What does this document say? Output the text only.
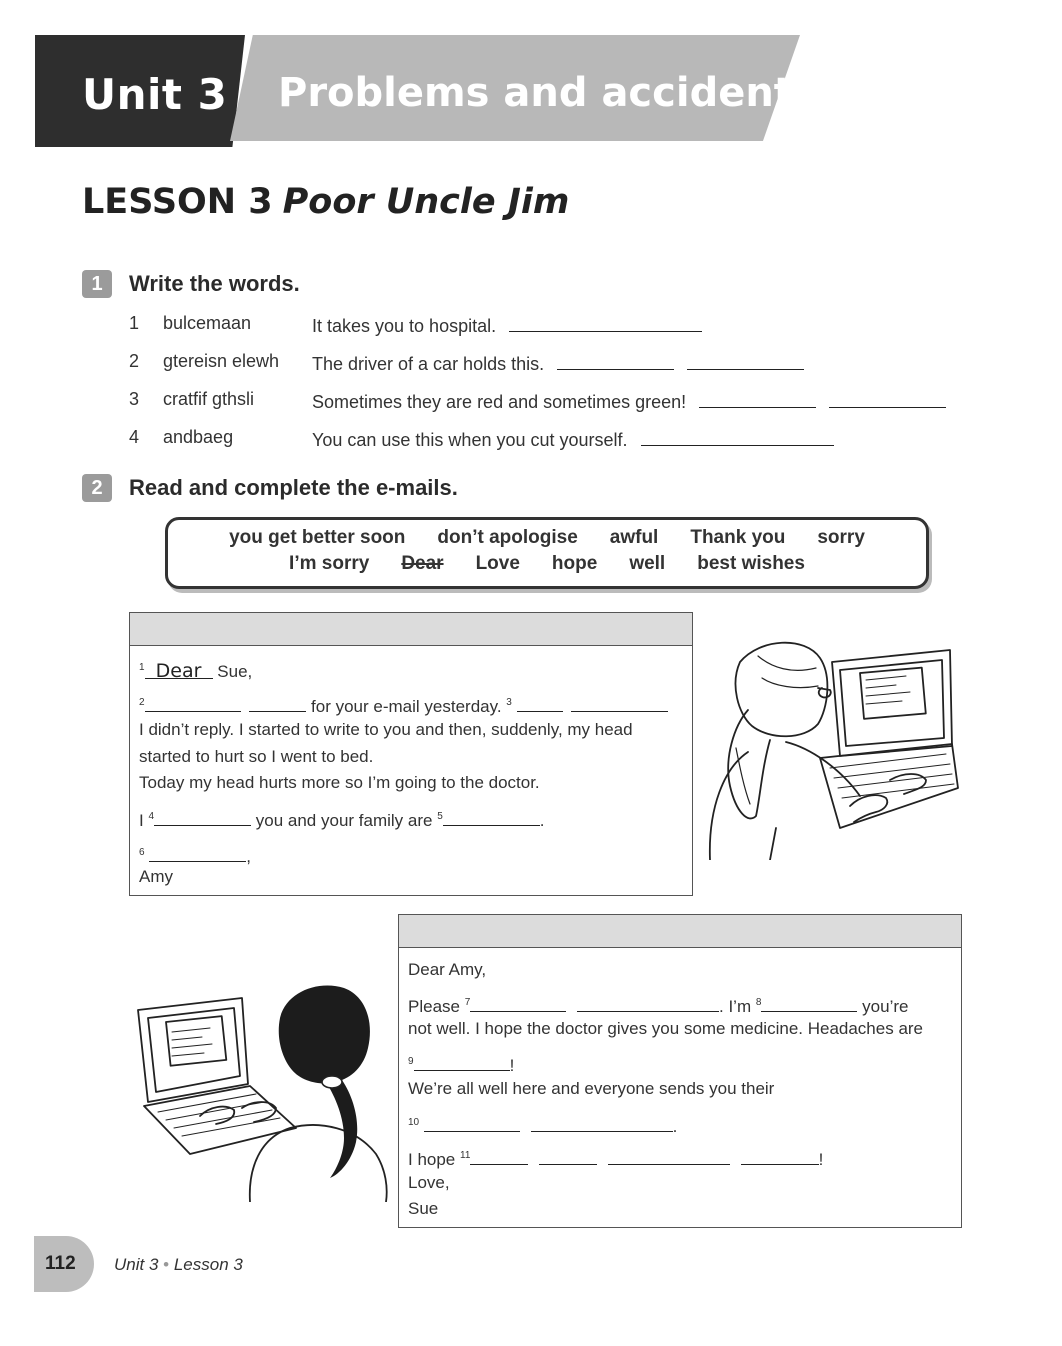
Unit 3 Problems and accidents
LESSON 3 Poor Uncle Jim
1	Write the words.
1 bulcemaan	It takes you to hospital.
2 gtereisn elewh The driver of a car holds this.
3 cratfif gthsli	Sometimes they are red and sometimes green!
4 andbaeg	You can use this when you cut yourself.
2	Read and complete the e-mails.
you get better soon don’t apologise awful Thank you sorry
I’m sorry Dear Love hope well best wishes
$^1$ Dear Sue,
$^2$	for your e-mail yesterday. $^3$
I didn’t reply. I started to write to you and then, suddenly, my head
started to hurt so I went to bed.
Today my head hurts more so I’m going to the doctor.
I $^4$	you and your family are $^5$	.
$^6$	,
Amy
Dear Amy,
Please $^7$	. I’m $^8$	you’re
not well. I hope the doctor gives you some medicine. Headaches are
$^9$	!
We’re all well here and everyone sends you their
$^{10}$	.
I hope $^{11}$	!
Love,
Sue
112 Unit 3 • Lesson 3
